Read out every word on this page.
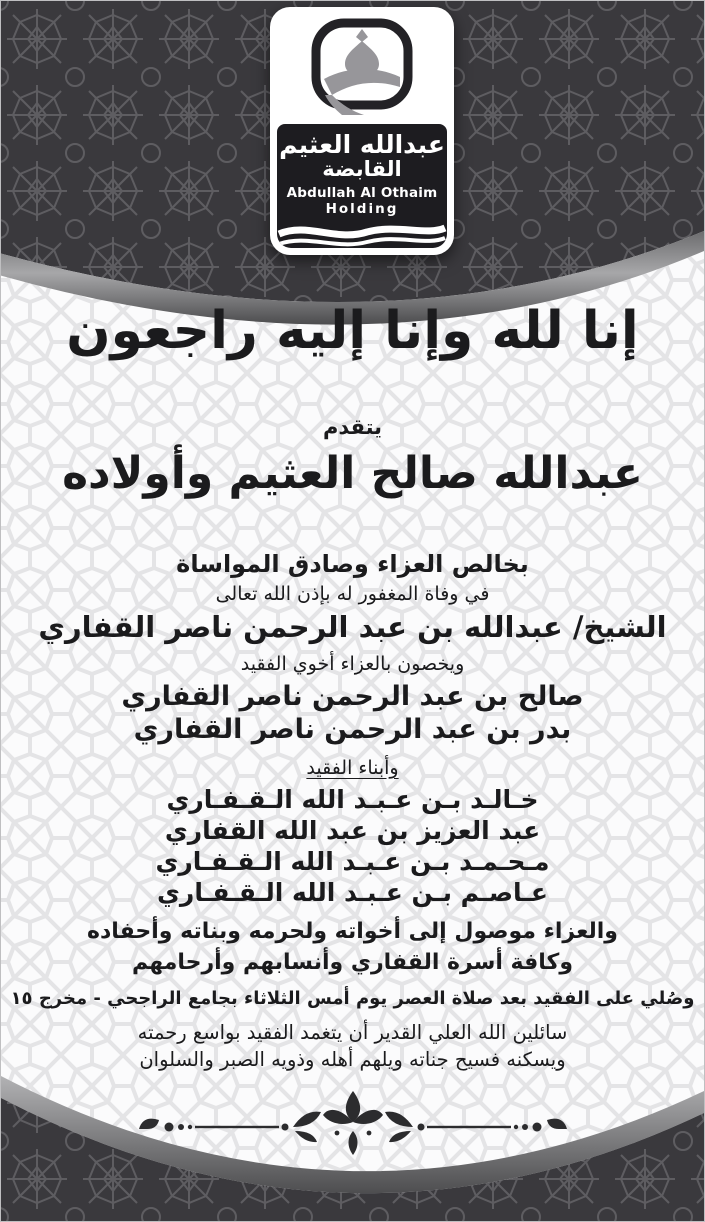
عبدالله العثيم
القابضة
Abdullah Al Othaim
Holding
إنا لله وإنا إليه راجعون
يتقدم
عبدالله صالح العثيم وأولاده
بخالص العزاء وصادق المواساة
في وفاة المغفور له بإذن الله تعالى
الشيخ/ عبدالله بن عبد الرحمن ناصر القفاري
ويخصون بالعزاء أخوي الفقيد
صالح بن عبد الرحمن ناصر القفاري
بدر بن عبد الرحمن ناصر القفاري
وأبناء الفقيد
خـالـد بـن عـبـد الله الـقـفـاري
عبد العزيز بن عبد الله القفاري
مـحـمـد بـن عـبـد الله الـقـفـاري
عـاصـم بـن عـبـد الله الـقـفـاري
والعزاء موصول إلى أخواته ولحرمه وبناته وأحفاده
وكافة أسرة القفاري وأنسابهم وأرحامهم
وصُلي على الفقيد بعد صلاة العصر يوم أمس الثلاثاء بجامع الراجحي - مخرج ١٥
سائلين الله العلي القدير أن يتغمد الفقيد بواسع رحمته
ويسكنه فسيح جناته ويلهم أهله وذويه الصبر والسلوان
